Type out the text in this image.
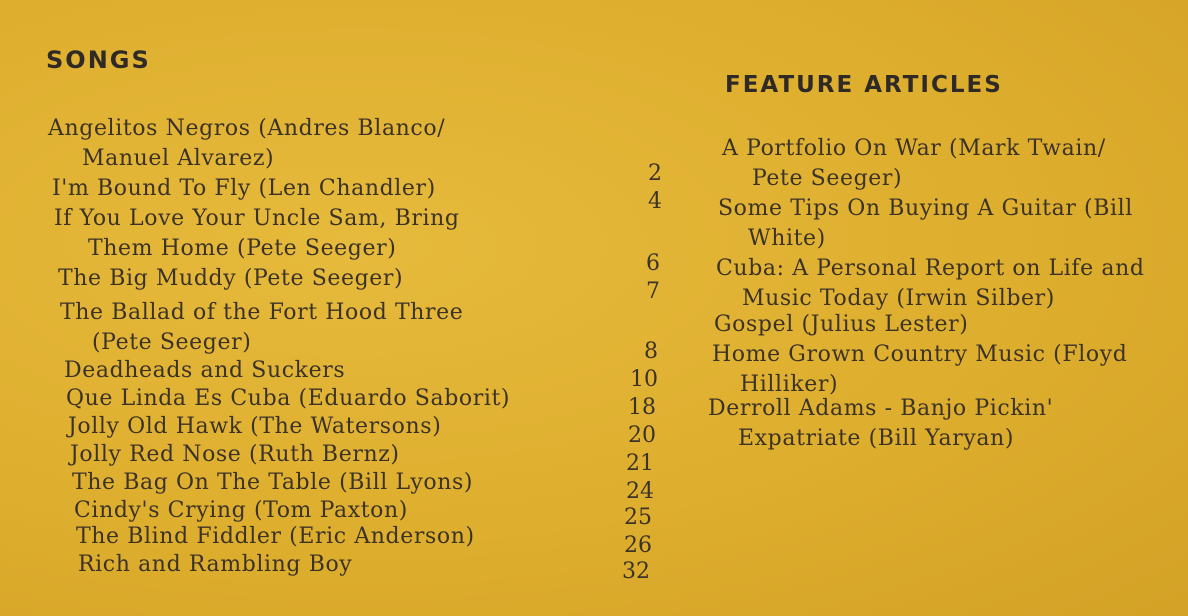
SONGS
FEATURE ARTICLES
Angelitos Negros (Andres Blanco/
Manuel Alvarez)
2
I'm Bound To Fly (Len Chandler)
4
If You Love Your Uncle Sam, Bring
Them Home (Pete Seeger)
6
The Big Muddy (Pete Seeger)
7
The Ballad of the Fort Hood Three
(Pete Seeger)	8
Deadheads and Suckers	10
Que Linda Es Cuba (Eduardo Saborit)	18
Jolly Old Hawk (The Watersons)	20
Jolly Red Nose (Ruth Bernz)	21
The Bag On The Table (Bill Lyons)	24
Cindy's Crying (Tom Paxton)	25
The Blind Fiddler (Eric Anderson)	26
Rich and Rambling Boy	32
A Portfolio On War (Mark Twain/
Pete Seeger)
Some Tips On Buying A Guitar (Bill
White)
Cuba: A Personal Report on Life and
Music Today (Irwin Silber)
Gospel (Julius Lester)
Home Grown Country Music (Floyd
Hilliker)
Derroll Adams - Banjo Pickin'
Expatriate (Bill Yaryan)
